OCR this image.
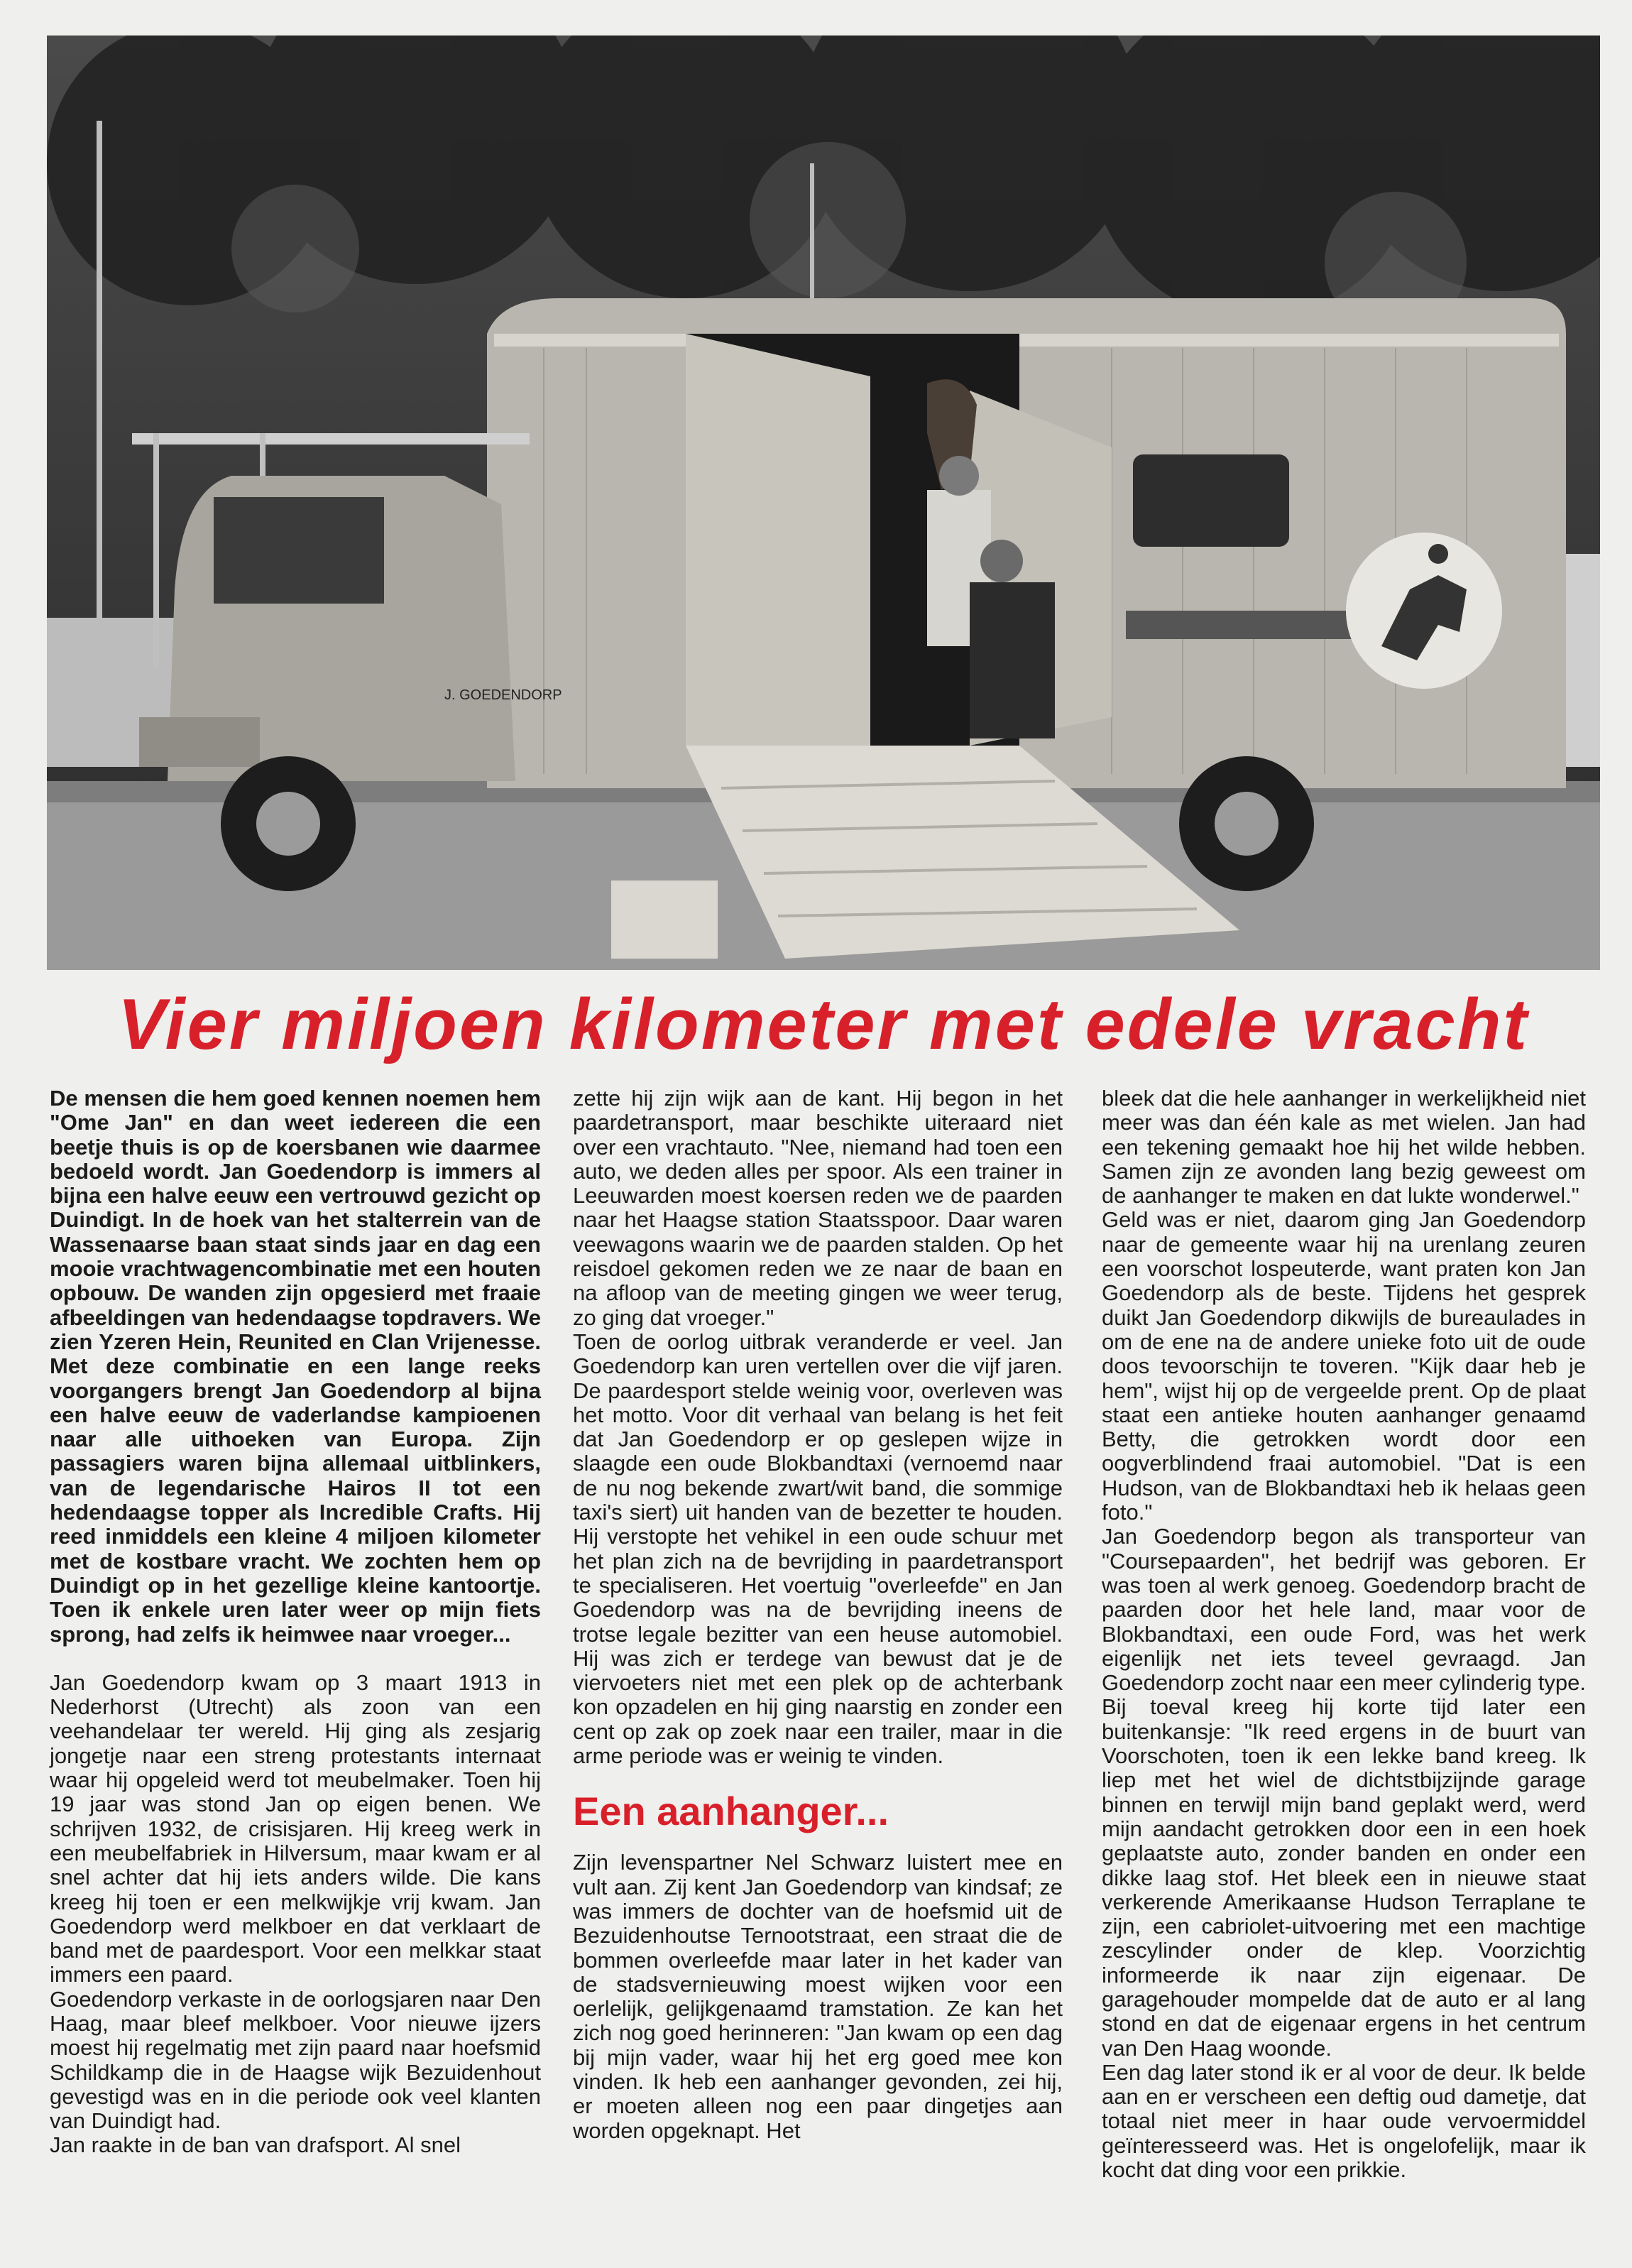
J. GOEDENDORP
Vier miljoen kilometer met edele vracht

De mensen die hem goed kennen noemen hem "Ome Jan" en dan weet iedereen die een beetje thuis is op de koersbanen wie daarmee bedoeld wordt. Jan Goedendorp is immers al bijna een halve eeuw een vertrouwd gezicht op Duindigt. In de hoek van het stalterrein van de Wassenaarse baan staat sinds jaar en dag een mooie vrachtwagencombinatie met een houten opbouw. De wanden zijn opgesierd met fraaie afbeeldingen van hedendaagse topdravers. We zien Yzeren Hein, Reunited en Clan Vrijenesse. Met deze combinatie en een lange reeks voorgangers brengt Jan Goedendorp al bijna een halve eeuw de vaderlandse kampioenen naar alle uithoeken van Europa. Zijn passagiers waren bijna allemaal uitblinkers, van de legendarische Hairos II tot een hedendaagse topper als Incredible Crafts. Hij reed inmiddels een kleine 4 miljoen kilometer met de kostbare vracht. We zochten hem op Duindigt op in het gezellige kleine kantoortje. Toen ik enkele uren later weer op mijn fiets sprong, had zelfs ik heimwee naar vroeger...

Jan Goedendorp kwam op 3 maart 1913 in Nederhorst (Utrecht) als zoon van een veehandelaar ter wereld. Hij ging als zesjarig jongetje naar een streng protestants internaat waar hij opgeleid werd tot meubelmaker. Toen hij 19 jaar was stond Jan op eigen benen. We schrijven 1932, de crisisjaren. Hij kreeg werk in een meubelfabriek in Hilversum, maar kwam er al snel achter dat hij iets anders wilde. Die kans kreeg hij toen er een melkwijkje vrij kwam. Jan Goedendorp werd melkboer en dat verklaart de band met de paardesport. Voor een melkkar staat immers een paard.

Goedendorp verkaste in de oorlogsjaren naar Den Haag, maar bleef melkboer. Voor nieuwe ijzers moest hij regelmatig met zijn paard naar hoefsmid Schildkamp die in de Haagse wijk Bezuidenhout gevestigd was en in die periode ook veel klanten van Duindigt had.

Jan raakte in de ban van drafsport. Al snel

zette hij zijn wijk aan de kant. Hij begon in het paardetransport, maar beschikte uiteraard niet over een vrachtauto. "Nee, niemand had toen een auto, we deden alles per spoor. Als een trainer in Leeuwarden moest koersen reden we de paarden naar het Haagse station Staatsspoor. Daar waren veewagons waarin we de paarden stalden. Op het reisdoel gekomen reden we ze naar de baan en na afloop van de meeting gingen we weer terug, zo ging dat vroeger."

Toen de oorlog uitbrak veranderde er veel. Jan Goedendorp kan uren vertellen over die vijf jaren. De paardesport stelde weinig voor, overleven was het motto. Voor dit verhaal van belang is het feit dat Jan Goedendorp er op geslepen wijze in slaagde een oude Blokbandtaxi (vernoemd naar de nu nog bekende zwart/wit band, die sommige taxi's siert) uit handen van de bezetter te houden. Hij verstopte het vehikel in een oude schuur met het plan zich na de bevrijding in paardetransport te specialiseren. Het voertuig "overleefde" en Jan Goedendorp was na de bevrijding ineens de trotse legale bezitter van een heuse automobiel. Hij was zich er terdege van bewust dat je de viervoeters niet met een plek op de achterbank kon opzadelen en hij ging naarstig en zonder een cent op zak op zoek naar een trailer, maar in die arme periode was er weinig te vinden.

Een aanhanger...

Zijn levenspartner Nel Schwarz luistert mee en vult aan. Zij kent Jan Goedendorp van kindsaf; ze was immers de dochter van de hoefsmid uit de Bezuidenhoutse Ternootstraat, een straat die de bommen overleefde maar later in het kader van de stadsvernieuwing moest wijken voor een oerlelijk, gelijkgenaamd tramstation. Ze kan het zich nog goed herinneren: "Jan kwam op een dag bij mijn vader, waar hij het erg goed mee kon vinden. Ik heb een aanhanger gevonden, zei hij, er moeten alleen nog een paar dingetjes aan worden opgeknapt. Het

bleek dat die hele aanhanger in werkelijkheid niet meer was dan één kale as met wielen. Jan had een tekening gemaakt hoe hij het wilde hebben. Samen zijn ze avonden lang bezig geweest om de aanhanger te maken en dat lukte wonderwel."

Geld was er niet, daarom ging Jan Goedendorp naar de gemeente waar hij na urenlang zeuren een voorschot lospeuterde, want praten kon Jan Goedendorp als de beste. Tijdens het gesprek duikt Jan Goedendorp dikwijls de bureaulades in om de ene na de andere unieke foto uit de oude doos tevoorschijn te toveren. "Kijk daar heb je hem", wijst hij op de vergeelde prent. Op de plaat staat een antieke houten aanhanger genaamd Betty, die getrokken wordt door een oogverblindend fraai automobiel. "Dat is een Hudson, van de Blokbandtaxi heb ik helaas geen foto."

Jan Goedendorp begon als transporteur van "Coursepaarden", het bedrijf was geboren. Er was toen al werk genoeg. Goedendorp bracht de paarden door het hele land, maar voor de Blokbandtaxi, een oude Ford, was het werk eigenlijk net iets teveel gevraagd. Jan Goedendorp zocht naar een meer cylinderig type. Bij toeval kreeg hij korte tijd later een buitenkansje: "Ik reed ergens in de buurt van Voorschoten, toen ik een lekke band kreeg. Ik liep met het wiel de dichtstbijzijnde garage binnen en terwijl mijn band geplakt werd, werd mijn aandacht getrokken door een in een hoek geplaatste auto, zonder banden en onder een dikke laag stof. Het bleek een in nieuwe staat verkerende Amerikaanse Hudson Terraplane te zijn, een cabriolet-uitvoering met een machtige zescylinder onder de klep. Voorzichtig informeerde ik naar zijn eigenaar. De garagehouder mompelde dat de auto er al lang stond en dat de eigenaar ergens in het centrum van Den Haag woonde.

Een dag later stond ik er al voor de deur. Ik belde aan en er verscheen een deftig oud dametje, dat totaal niet meer in haar oude vervoermiddel geïnteresseerd was. Het is ongelofelijk, maar ik kocht dat ding voor een prikkie.
